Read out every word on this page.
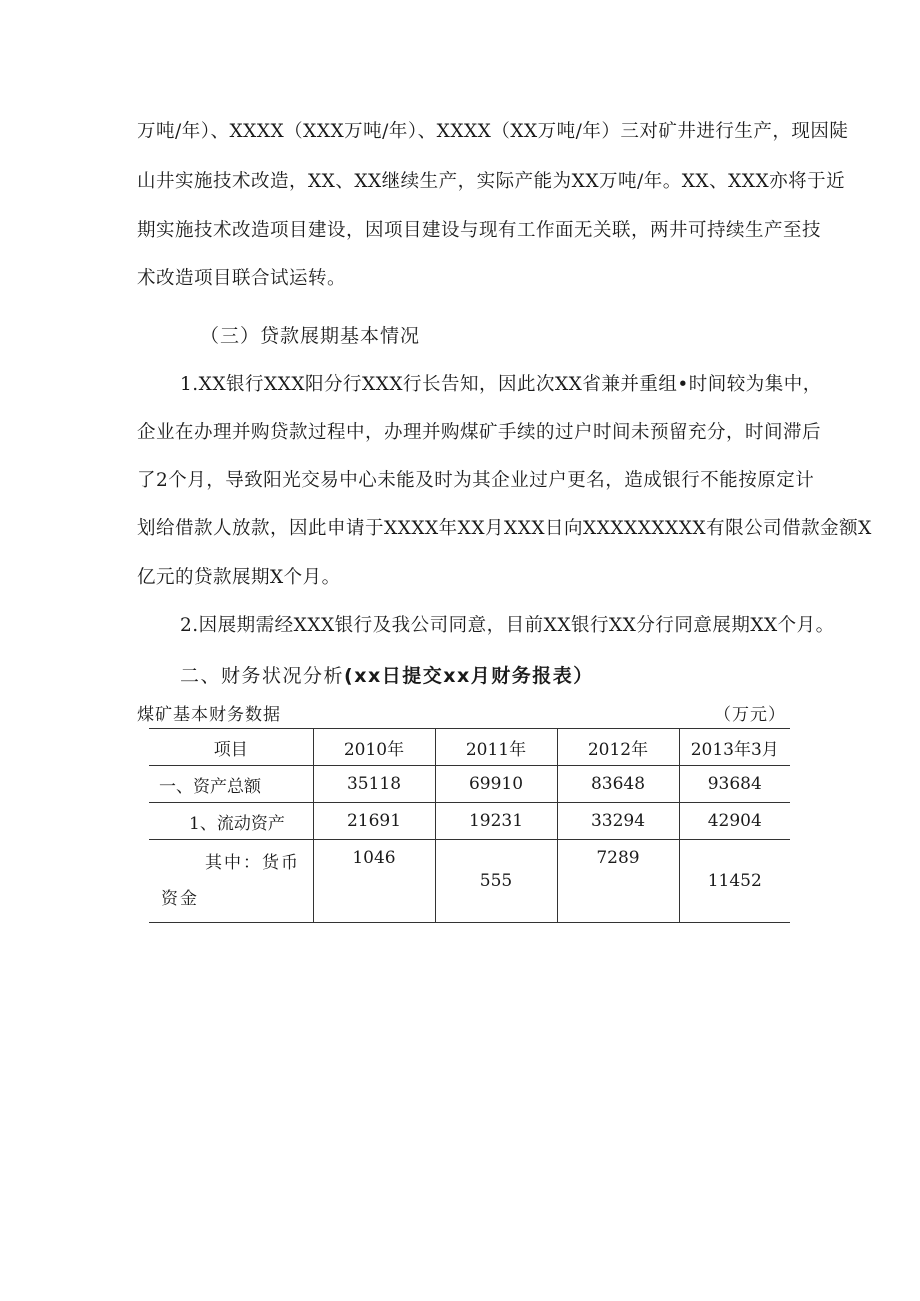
万吨/年）、XXXX（XXX万吨/年）、XXXX（XX万吨/年）三对矿井进行生产，现因陡
山井实施技术改造，XX、XX继续生产，实际产能为XX万吨/年。XX、XXX亦将于近
期实施技术改造项目建设，因项目建设与现有工作面无关联，两井可持续生产至技
术改造项目联合试运转。
（三）贷款展期基本情况
1.XX银行XXX阳分行XXX行长告知，因此次XX省兼并重组•时间较为集中，
企业在办理并购贷款过程中，办理并购煤矿手续的过户时间未预留充分，时间滞后
了2个月，导致阳光交易中心未能及时为其企业过户更名，造成银行不能按原定计
划给借款人放款，因此申请于XXXX年XX月XXX日向XXXXXXXXX有限公司借款金额X
亿元的贷款展期X个月。
2.因展期需经XXX银行及我公司同意，目前XX银行XX分行同意展期XX个月。
二、财务状况分析(xx日提交xx月财务报表）
煤矿基本财务数据	（万元）
项目	2010年	2011年	2012年	2013年3月
一、资产总额	35118	69910	83648	93684
1、流动资产	21691	19231	33294	42904

其中：货币
资金	1046	555	7289	11452
